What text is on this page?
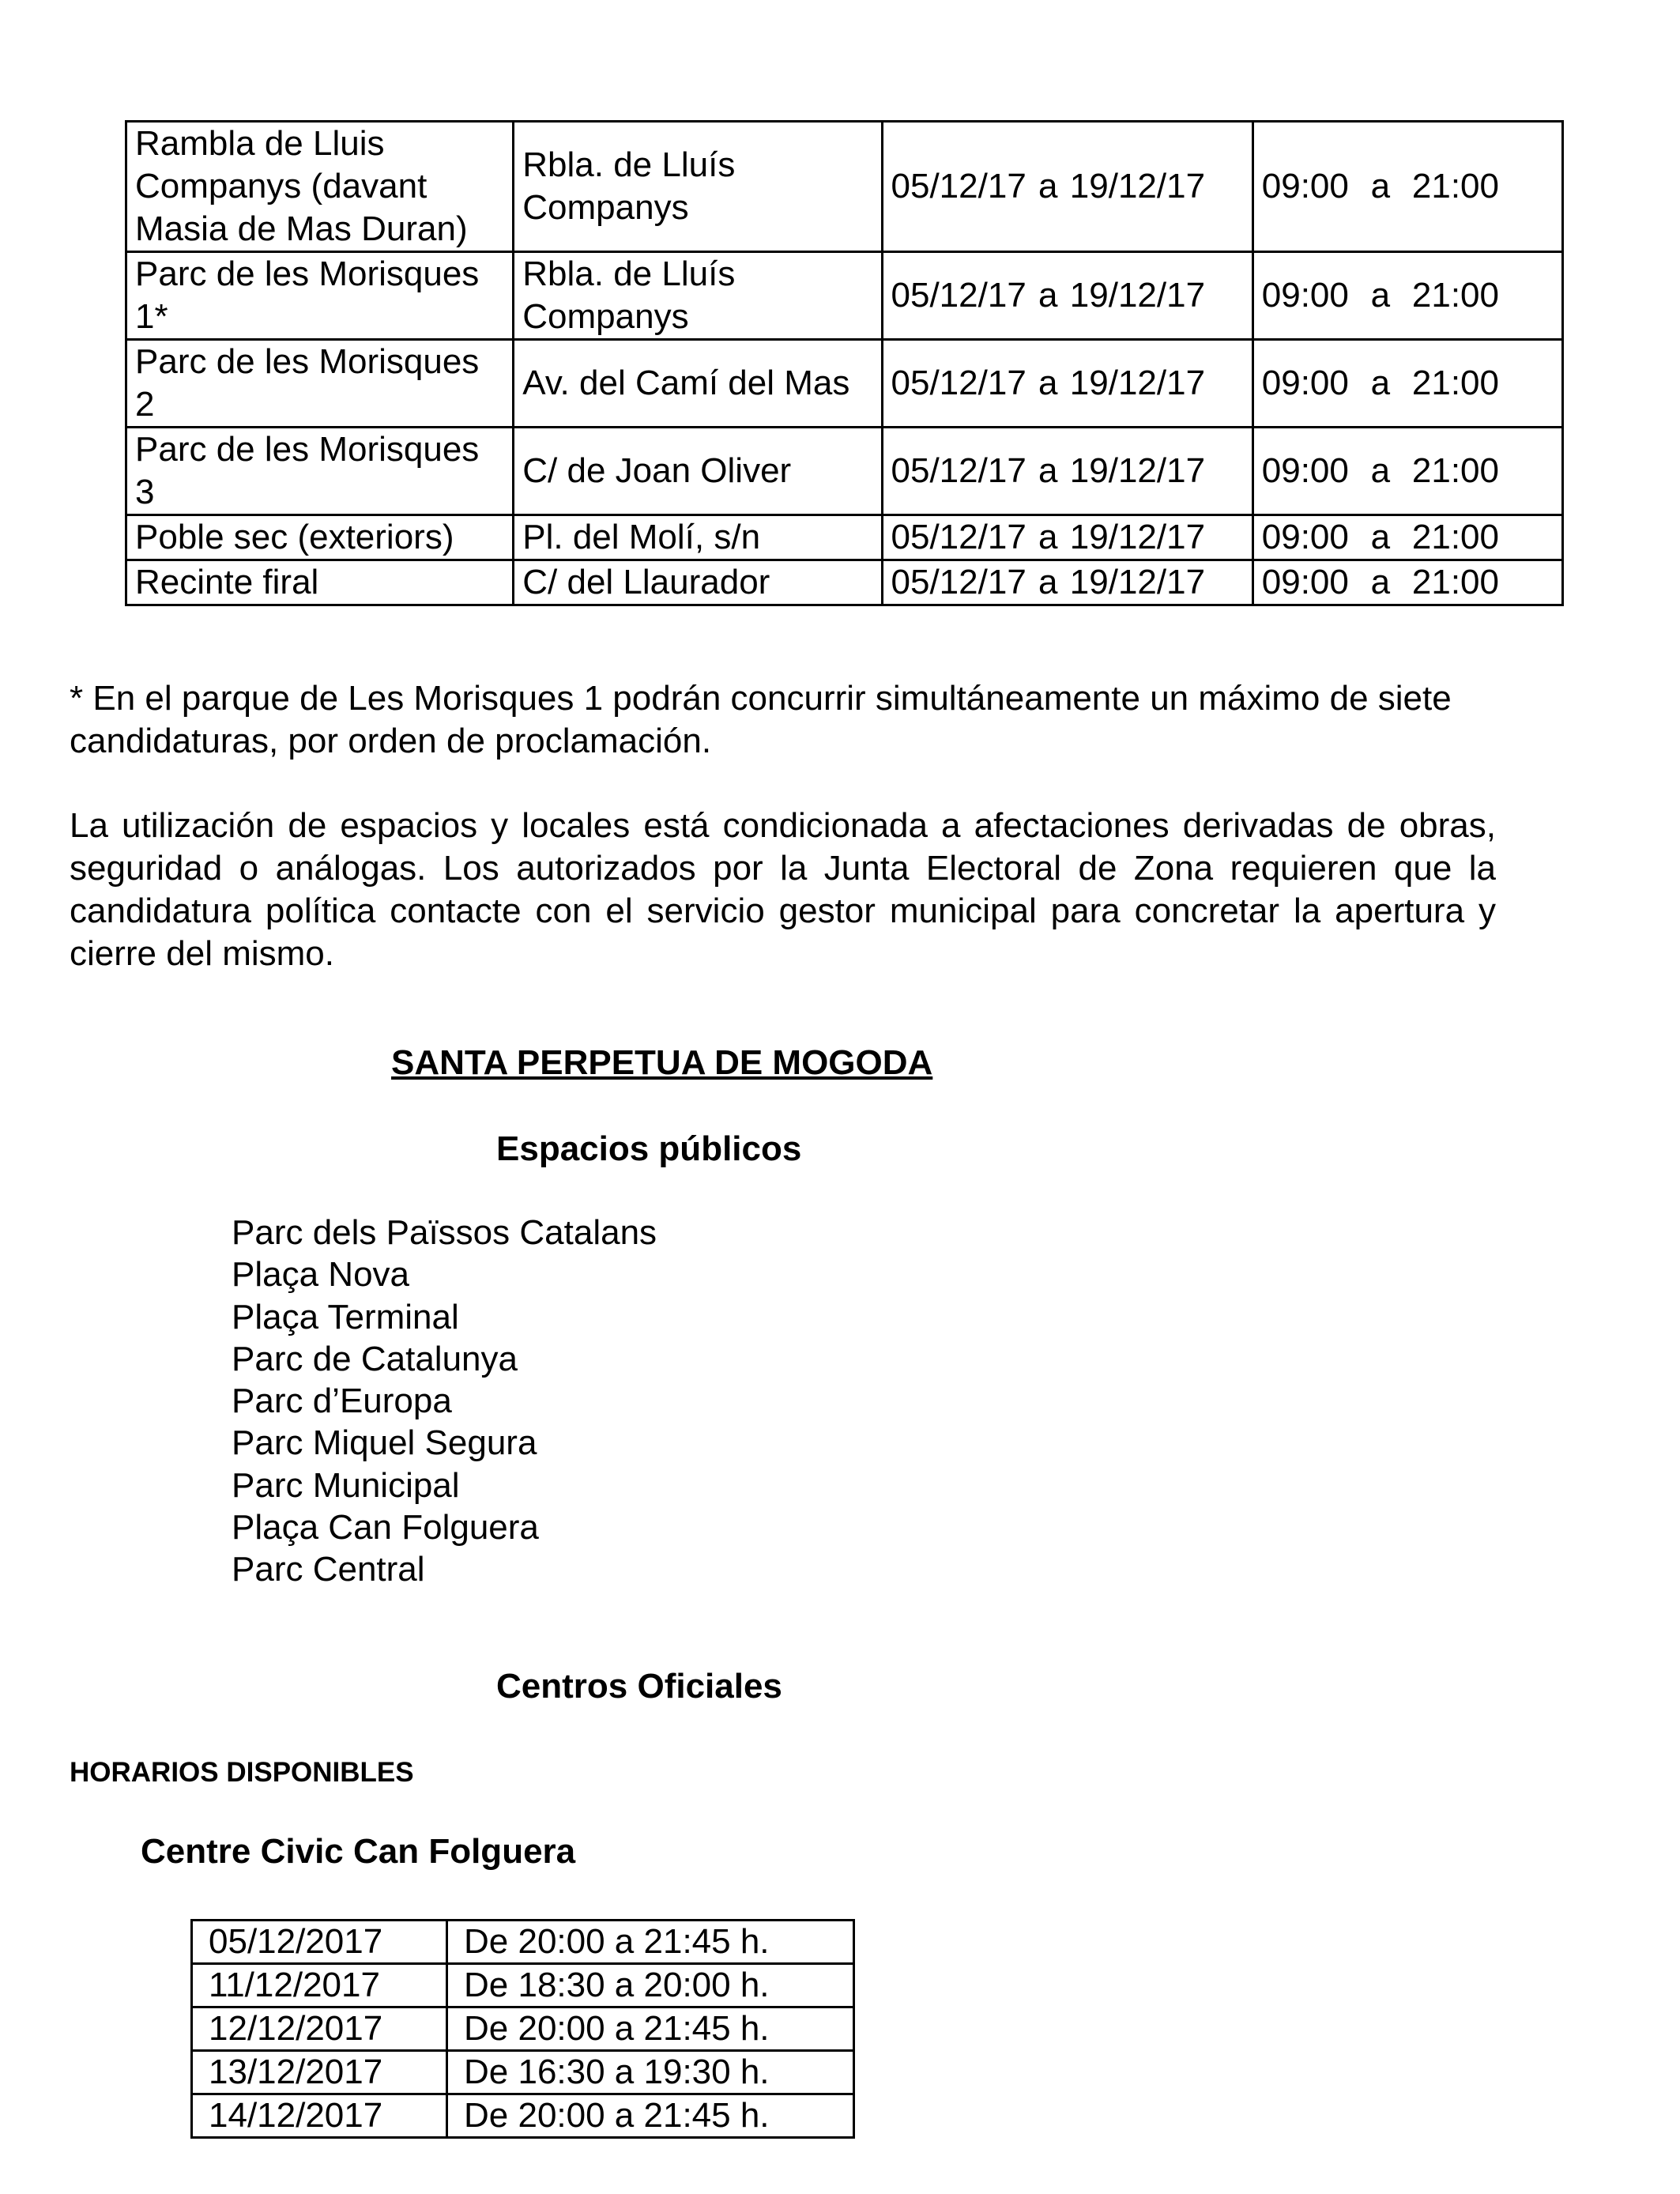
Rambla de Lluis Companys (davant Masia de Mas Duran)	Rbla. de Lluís Companys	05/12/17 a 19/12/17	09:00 a 21:00
Parc de les Morisques 1*	Rbla. de Lluís Companys	05/12/17 a 19/12/17	09:00 a 21:00
Parc de les Morisques 2	Av. del Camí del Mas	05/12/17 a 19/12/17	09:00 a 21:00
Parc de les Morisques 3	C/ de Joan Oliver	05/12/17 a 19/12/17	09:00 a 21:00
Poble sec (exteriors)	Pl. del Molí, s/n	05/12/17 a 19/12/17	09:00 a 21:00
Recinte firal	C/ del Llaurador	05/12/17 a 19/12/17	09:00 a 21:00

* En el parque de Les Morisques 1 podrán concurrir simultáneamente un máximo de siete candidaturas, por orden de proclamación.

La utilización de espacios y locales está condicionada a afectaciones derivadas de obras, seguridad o análogas. Los autorizados por la Junta Electoral de Zona requieren que la candidatura política contacte con el servicio gestor municipal para concretar la apertura y cierre del mismo.

SANTA PERPETUA DE MOGODA
Espacios públicos
Parc dels Païssos Catalans
Plaça Nova
Plaça Terminal
Parc de Catalunya
Parc d’Europa
Parc Miquel Segura
Parc Municipal
Plaça Can Folguera
Parc Central
Centros Oficiales
HORARIOS DISPONIBLES
Centre Civic Can Folguera
05/12/2017	De 20:00 a 21:45 h.
11/12/2017	De 18:30 a 20:00 h.
12/12/2017	De 20:00 a 21:45 h.
13/12/2017	De 16:30 a 19:30 h.
14/12/2017	De 20:00 a 21:45 h.
